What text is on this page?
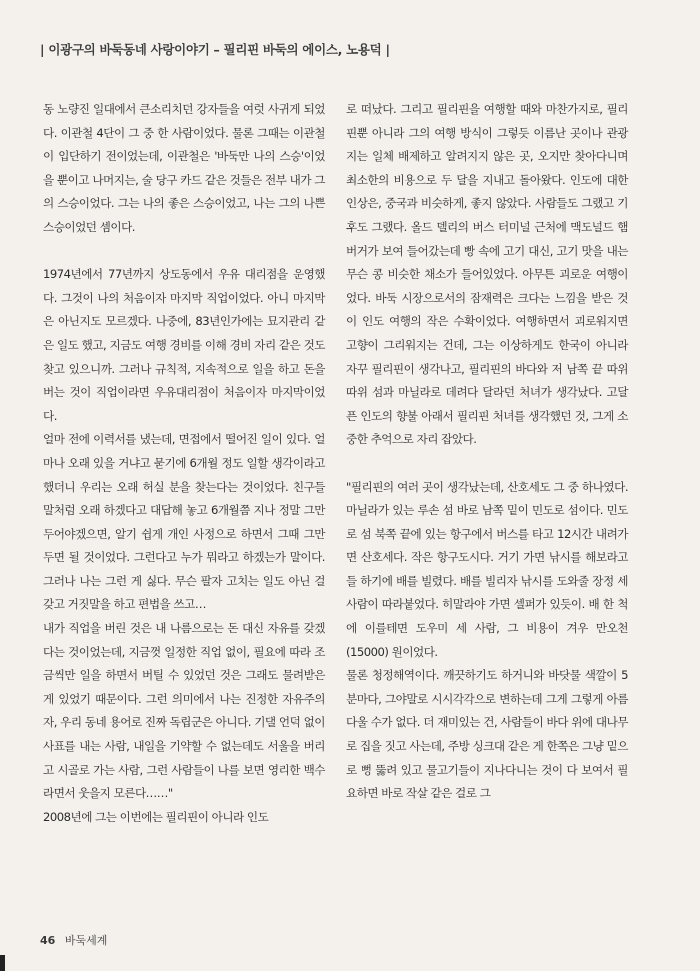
| 이광구의 바둑동네 사랑이야기 – 필리핀 바둑의 에이스, 노용덕 |

동 노량진 일대에서 큰소리치던 강자들을 여럿 사귀게 되었다. 이관철 4단이 그 중 한 사람이었다. 물론 그때는 이관철이 입단하기 전이었는데, 이관철은 '바둑만 나의 스승'이었을 뿐이고 나머지는, 술 당구 카드 같은 것들은 전부 내가 그의 스승이었다. 그는 나의 좋은 스승이었고, 나는 그의 나쁜 스승이었던 셈이다.

1974년에서 77년까지 상도동에서 우유 대리점을 운영했다. 그것이 나의 처음이자 마지막 직업이었다. 아니 마지막은 아닌지도 모르겠다. 나중에, 83년인가에는 묘지관리 같은 일도 했고, 지금도 여행 경비를 이해 경비 자리 같은 것도 찾고 있으니까. 그러나 규칙적, 지속적으로 일을 하고 돈을 버는 것이 직업이라면 우유대리점이 처음이자 마지막이었다.

얼마 전에 이력서를 냈는데, 면접에서 떨어진 일이 있다. 얼마나 오래 있을 거냐고 묻기에 6개월 정도 일할 생각이라고 했더니 우리는 오래 허실 분을 찾는다는 것이었다. 친구들 말처럼 오래 하겠다고 대답해 놓고 6개월쯤 지나 정말 그만두어야겠으면, 알기 쉽게 개인 사정으로 하면서 그때 그만두면 될 것이었다. 그런다고 누가 뭐라고 하겠는가 말이다. 그러나 나는 그런 게 싫다. 무슨 팔자 고치는 일도 아닌 걸 갖고 거짓말을 하고 편법을 쓰고…

내가 직업을 버린 것은 내 나름으로는 돈 대신 자유를 갖겠다는 것이었는데, 지금껏 일정한 직업 없이, 필요에 따라 조금씩만 일을 하면서 버틸 수 있었던 것은 그래도 물려받은 게 있었기 때문이다. 그런 의미에서 나는 진정한 자유주의자, 우리 동네 용어로 진짜 독립군은 아니다. 기댈 언덕 없이 사표를 내는 사람, 내일을 기약할 수 없는데도 서울을 버리고 시골로 가는 사람, 그런 사람들이 나를 보면 영리한 백수라면서 웃을지 모른다……"

2008년에 그는 이번에는 필리핀이 아니라 인도

로 떠났다. 그리고 필리핀을 여행할 때와 마찬가지로, 필리핀뿐 아니라 그의 여행 방식이 그렇듯 이름난 곳이나 관광지는 일체 배제하고 알려지지 않은 곳, 오지만 찾아다니며 최소한의 비용으로 두 달을 지내고 돌아왔다. 인도에 대한 인상은, 중국과 비슷하게, 좋지 않았다. 사람들도 그랬고 기후도 그랬다. 올드 델리의 버스 터미널 근처에 맥도널드 햄버거가 보여 들어갔는데 빵 속에 고기 대신, 고기 맛을 내는 무슨 콩 비슷한 채소가 들어있었다. 아무튼 괴로운 여행이었다. 바둑 시장으로서의 잠재력은 크다는 느낌을 받은 것이 인도 여행의 작은 수확이었다. 여행하면서 괴로워지면 고향이 그리워지는 건데, 그는 이상하게도 한국이 아니라 자꾸 필리핀이 생각나고, 필리핀의 바다와 저 남쪽 끝 따위따위 섬과 마닐라로 데려다 달라던 처녀가 생각났다. 고달픈 인도의 향불 아래서 필리핀 처녀를 생각했던 것, 그게 소중한 추억으로 자리 잡았다.

"필리핀의 여러 곳이 생각났는데, 산호세도 그 중 하나였다. 마닐라가 있는 루손 섬 바로 남쪽 밑이 민도로 섬이다. 민도로 섬 북쪽 끝에 있는 항구에서 버스를 타고 12시간 내려가면 산호세다. 작은 항구도시다. 거기 가면 낚시를 해보라고들 하기에 배를 빌렸다. 배를 빌리자 낚시를 도와줄 장정 세 사람이 따라붙었다. 히말라야 가면 셀퍼가 있듯이. 배 한 척에 이를테면 도우미 세 사람, 그 비용이 겨우 만오천(15000) 원이었다.

물론 청정해역이다. 깨끗하기도 하거니와 바닷물 색깔이 5분마다, 그야말로 시시각각으로 변하는데 그게 그렇게 아름다울 수가 없다. 더 재미있는 건, 사람들이 바다 위에 대나무로 집을 짓고 사는데, 주방 싱크대 같은 게 한쪽은 그냥 밑으로 뻥 뚫려 있고 물고기들이 지나다니는 것이 다 보여서 필요하면 바로 작살 같은 걸로 그

46 바둑세계
